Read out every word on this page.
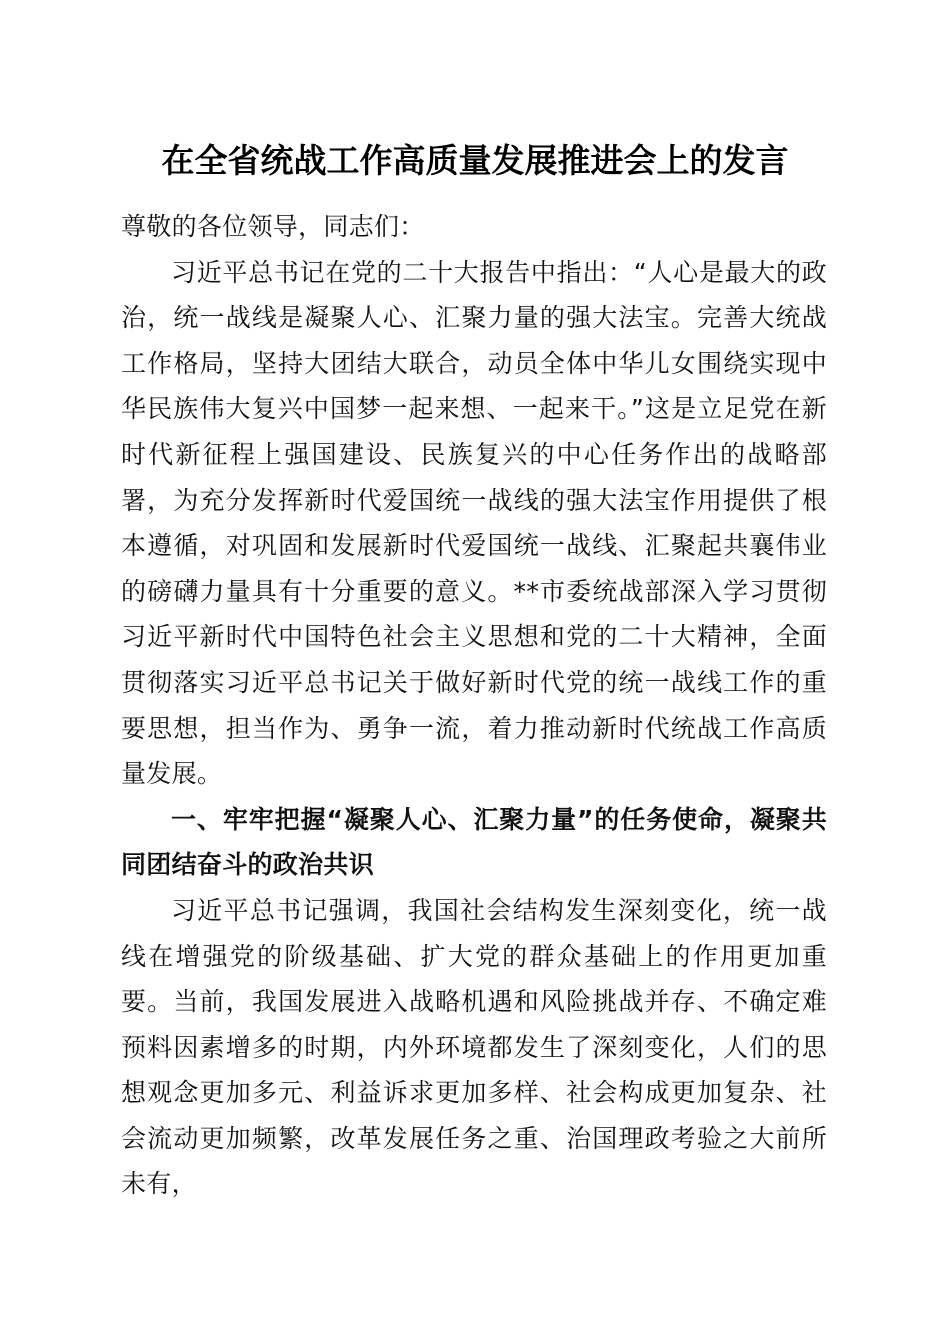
在全省统战工作高质量发展推进会上的发言

尊敬的各位领导，同志们：

习近平总书记在党的二十大报告中指出：“人心是最大的政治，统一战线是凝聚人心、汇聚力量的强大法宝。完善大统战工作格局，坚持大团结大联合，动员全体中华儿女围绕实现中华民族伟大复兴中国梦一起来想、一起来干。”这是立足党在新时代新征程上强国建设、民族复兴的中心任务作出的战略部署，为充分发挥新时代爱国统一战线的强大法宝作用提供了根本遵循，对巩固和发展新时代爱国统一战线、汇聚起共襄伟业的磅礴力量具有十分重要的意义。**市委统战部深入学习贯彻习近平新时代中国特色社会主义思想和党的二十大精神，全面贯彻落实习近平总书记关于做好新时代党的统一战线工作的重要思想，担当作为、勇争一流，着力推动新时代统战工作高质量发展。

一、牢牢把握“凝聚人心、汇聚力量”的任务使命，凝聚共同团结奋斗的政治共识

习近平总书记强调，我国社会结构发生深刻变化，统一战线在增强党的阶级基础、扩大党的群众基础上的作用更加重要。当前，我国发展进入战略机遇和风险挑战并存、不确定难预料因素增多的时期，内外环境都发生了深刻变化，人们的思想观念更加多元、利益诉求更加多样、社会构成更加复杂、社会流动更加频繁，改革发展任务之重、治国理政考验之大前所未有，
